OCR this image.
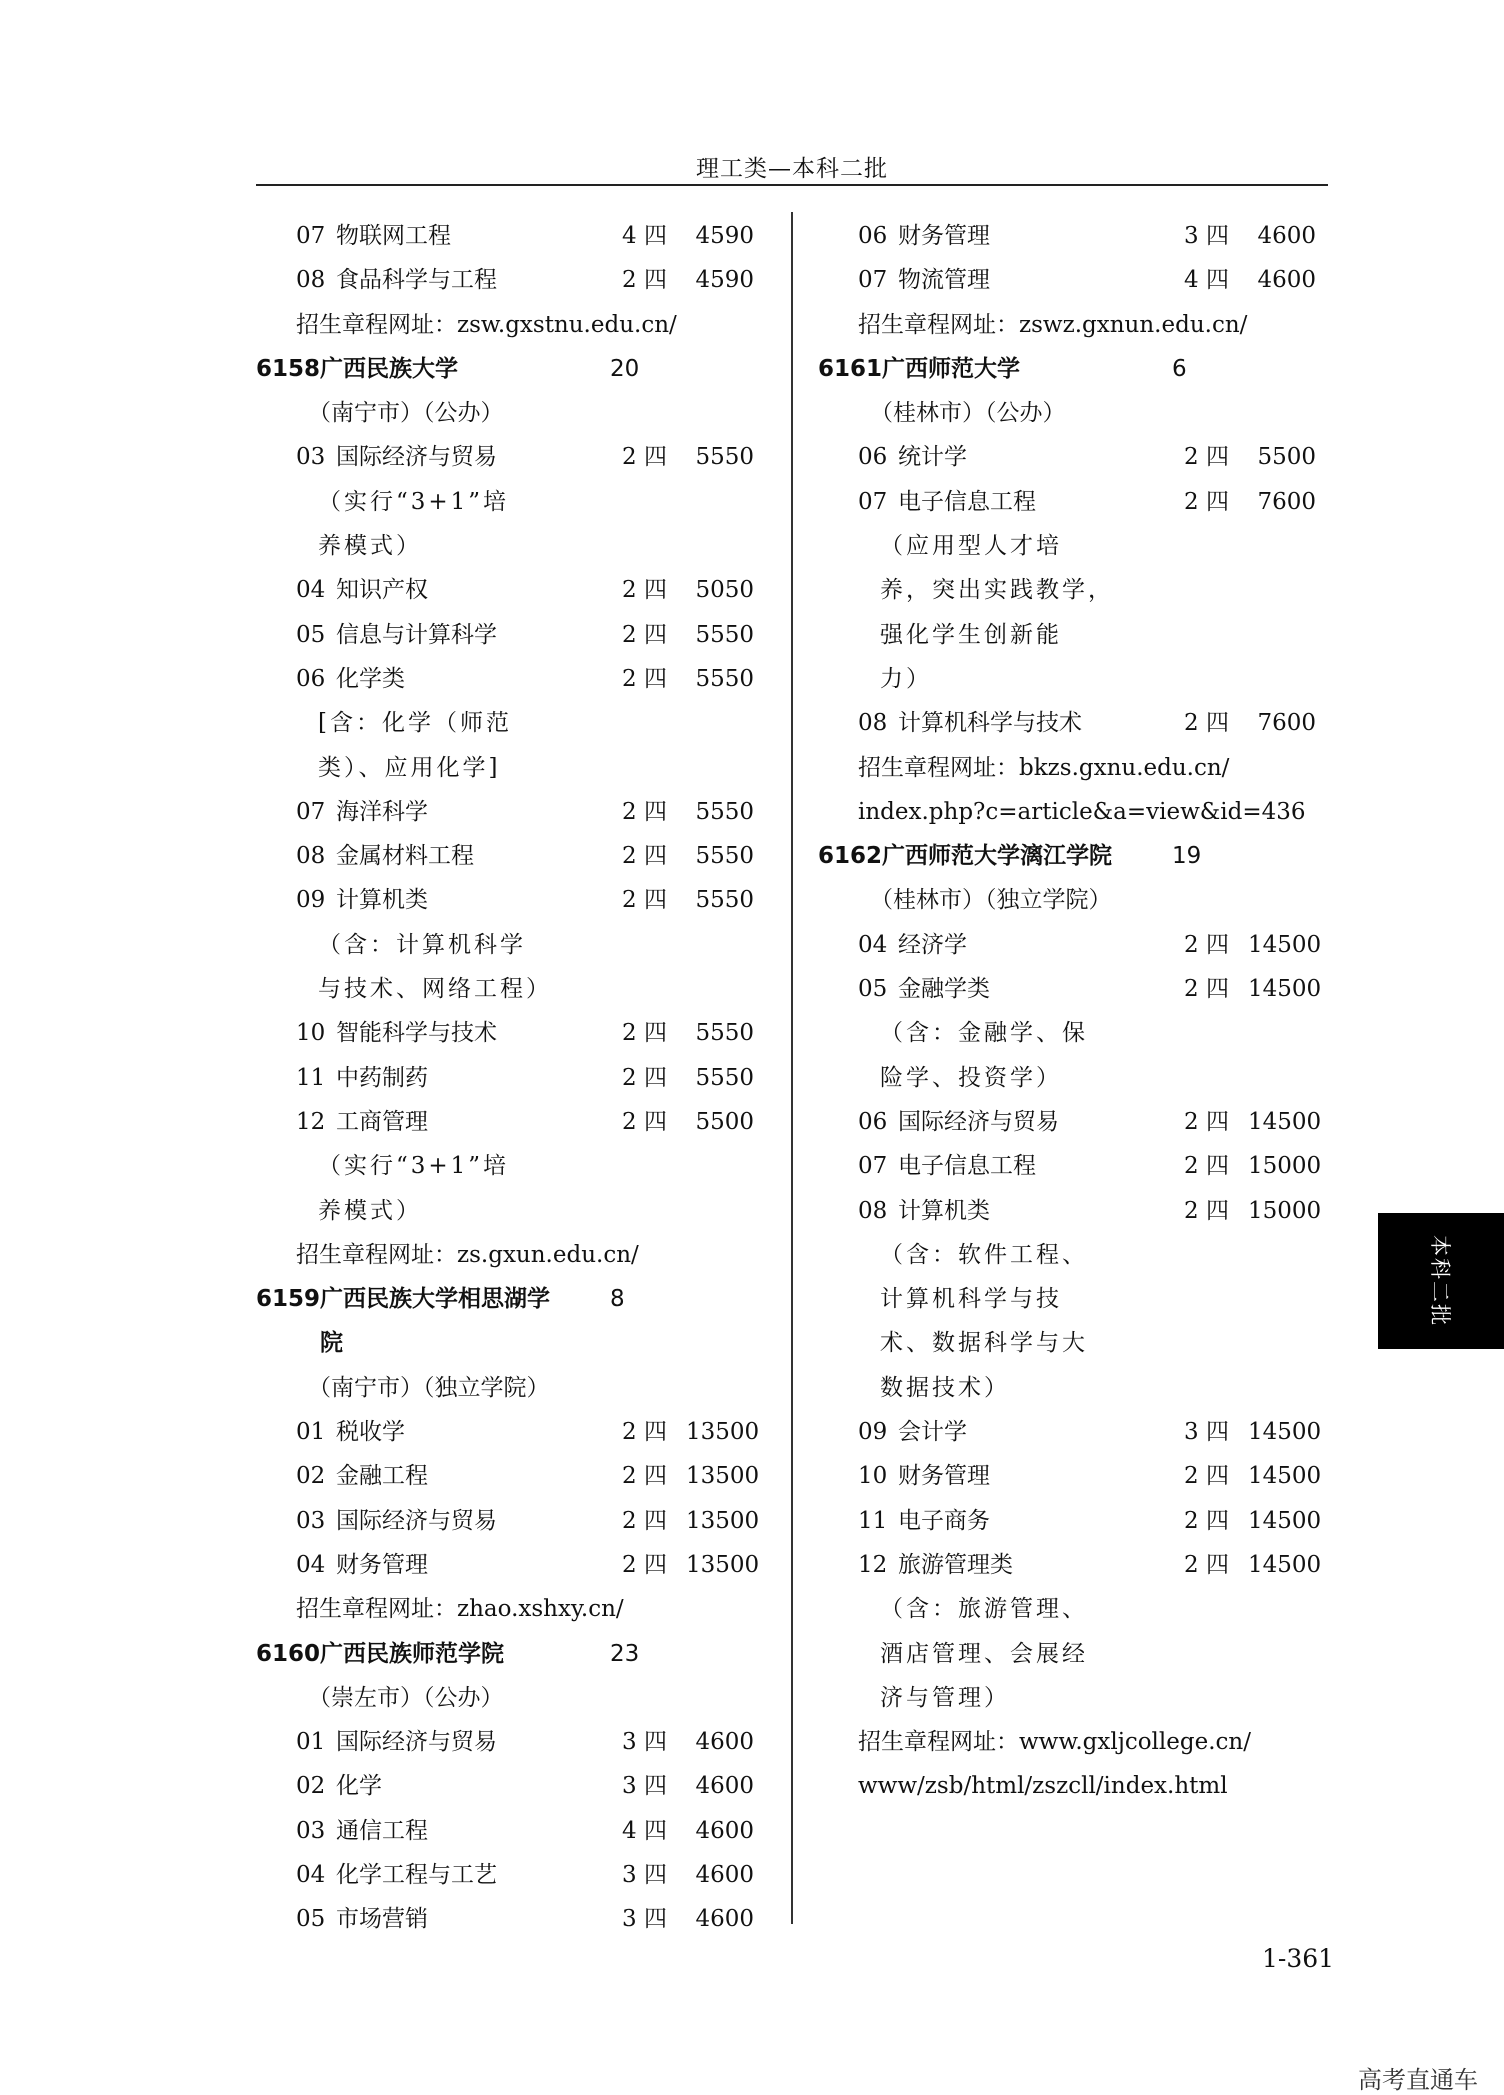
理工类—本科二批
07 物联网工程	4 四	4590
08 食品科学与工程	2 四	4590
招生章程网址：zsw.gxstnu.edu.cn/
6158 广西民族大学	20
（南宁市）（公办）
03 国际经济与贸易	2 四	5550
（实行“3+1”培
养模式）
04 知识产权	2 四	5050
05 信息与计算科学	2 四	5550
06 化学类	2 四	5550
[含：化学（师范
类）、应用化学]
07 海洋科学	2 四	5550
08 金属材料工程	2 四	5550
09 计算机类	2 四	5550
（含：计算机科学
与技术、网络工程）
10 智能科学与技术	2 四	5550
11 中药制药	2 四	5550
12 工商管理	2 四	5500
（实行“3+1”培
养模式）
招生章程网址：zs.gxun.edu.cn/
6159 广西民族大学相思湖学	8
院
（南宁市）（独立学院）
01 税收学	2 四 13500
02 金融工程	2 四 13500
03 国际经济与贸易	2 四 13500
04 财务管理	2 四 13500
招生章程网址：zhao.xshxy.cn/
6160 广西民族师范学院	23
（崇左市）（公办）
01 国际经济与贸易	3 四	4600
02 化学	3 四	4600
03 通信工程	4 四	4600
04 化学工程与工艺	3 四	4600
05 市场营销	3 四	4600
06 财务管理	3 四	4600
07 物流管理	4 四	4600
招生章程网址：zswz.gxnun.edu.cn/
6161 广西师范大学	6
（桂林市）（公办）
06 统计学	2 四	5500
07 电子信息工程	2 四	7600
（应用型人才培
养，突出实践教学，
强化学生创新能
力）
08 计算机科学与技术	2 四	7600
招生章程网址：bkzs.gxnu.edu.cn/
index.php?c=article&a=view&id=436
6162 广西师范大学漓江学院	19
（桂林市）（独立学院）
04 经济学	2 四 14500
05 金融学类	2 四 14500
（含：金融学、保
险学、投资学）
06 国际经济与贸易	2 四 14500
07 电子信息工程	2 四 15000
08 计算机类	2 四 15000
（含：软件工程、
计算机科学与技
术、数据科学与大
数据技术）
09 会计学	3 四 14500
10 财务管理	2 四 14500
11 电子商务	2 四 14500
12 旅游管理类	2 四 14500
（含：旅游管理、
酒店管理、会展经
济与管理）
招生章程网址：www.gxljcollege.cn/
www/zsb/html/zszcll/index.html
本科二批
1-361
高考直通车
